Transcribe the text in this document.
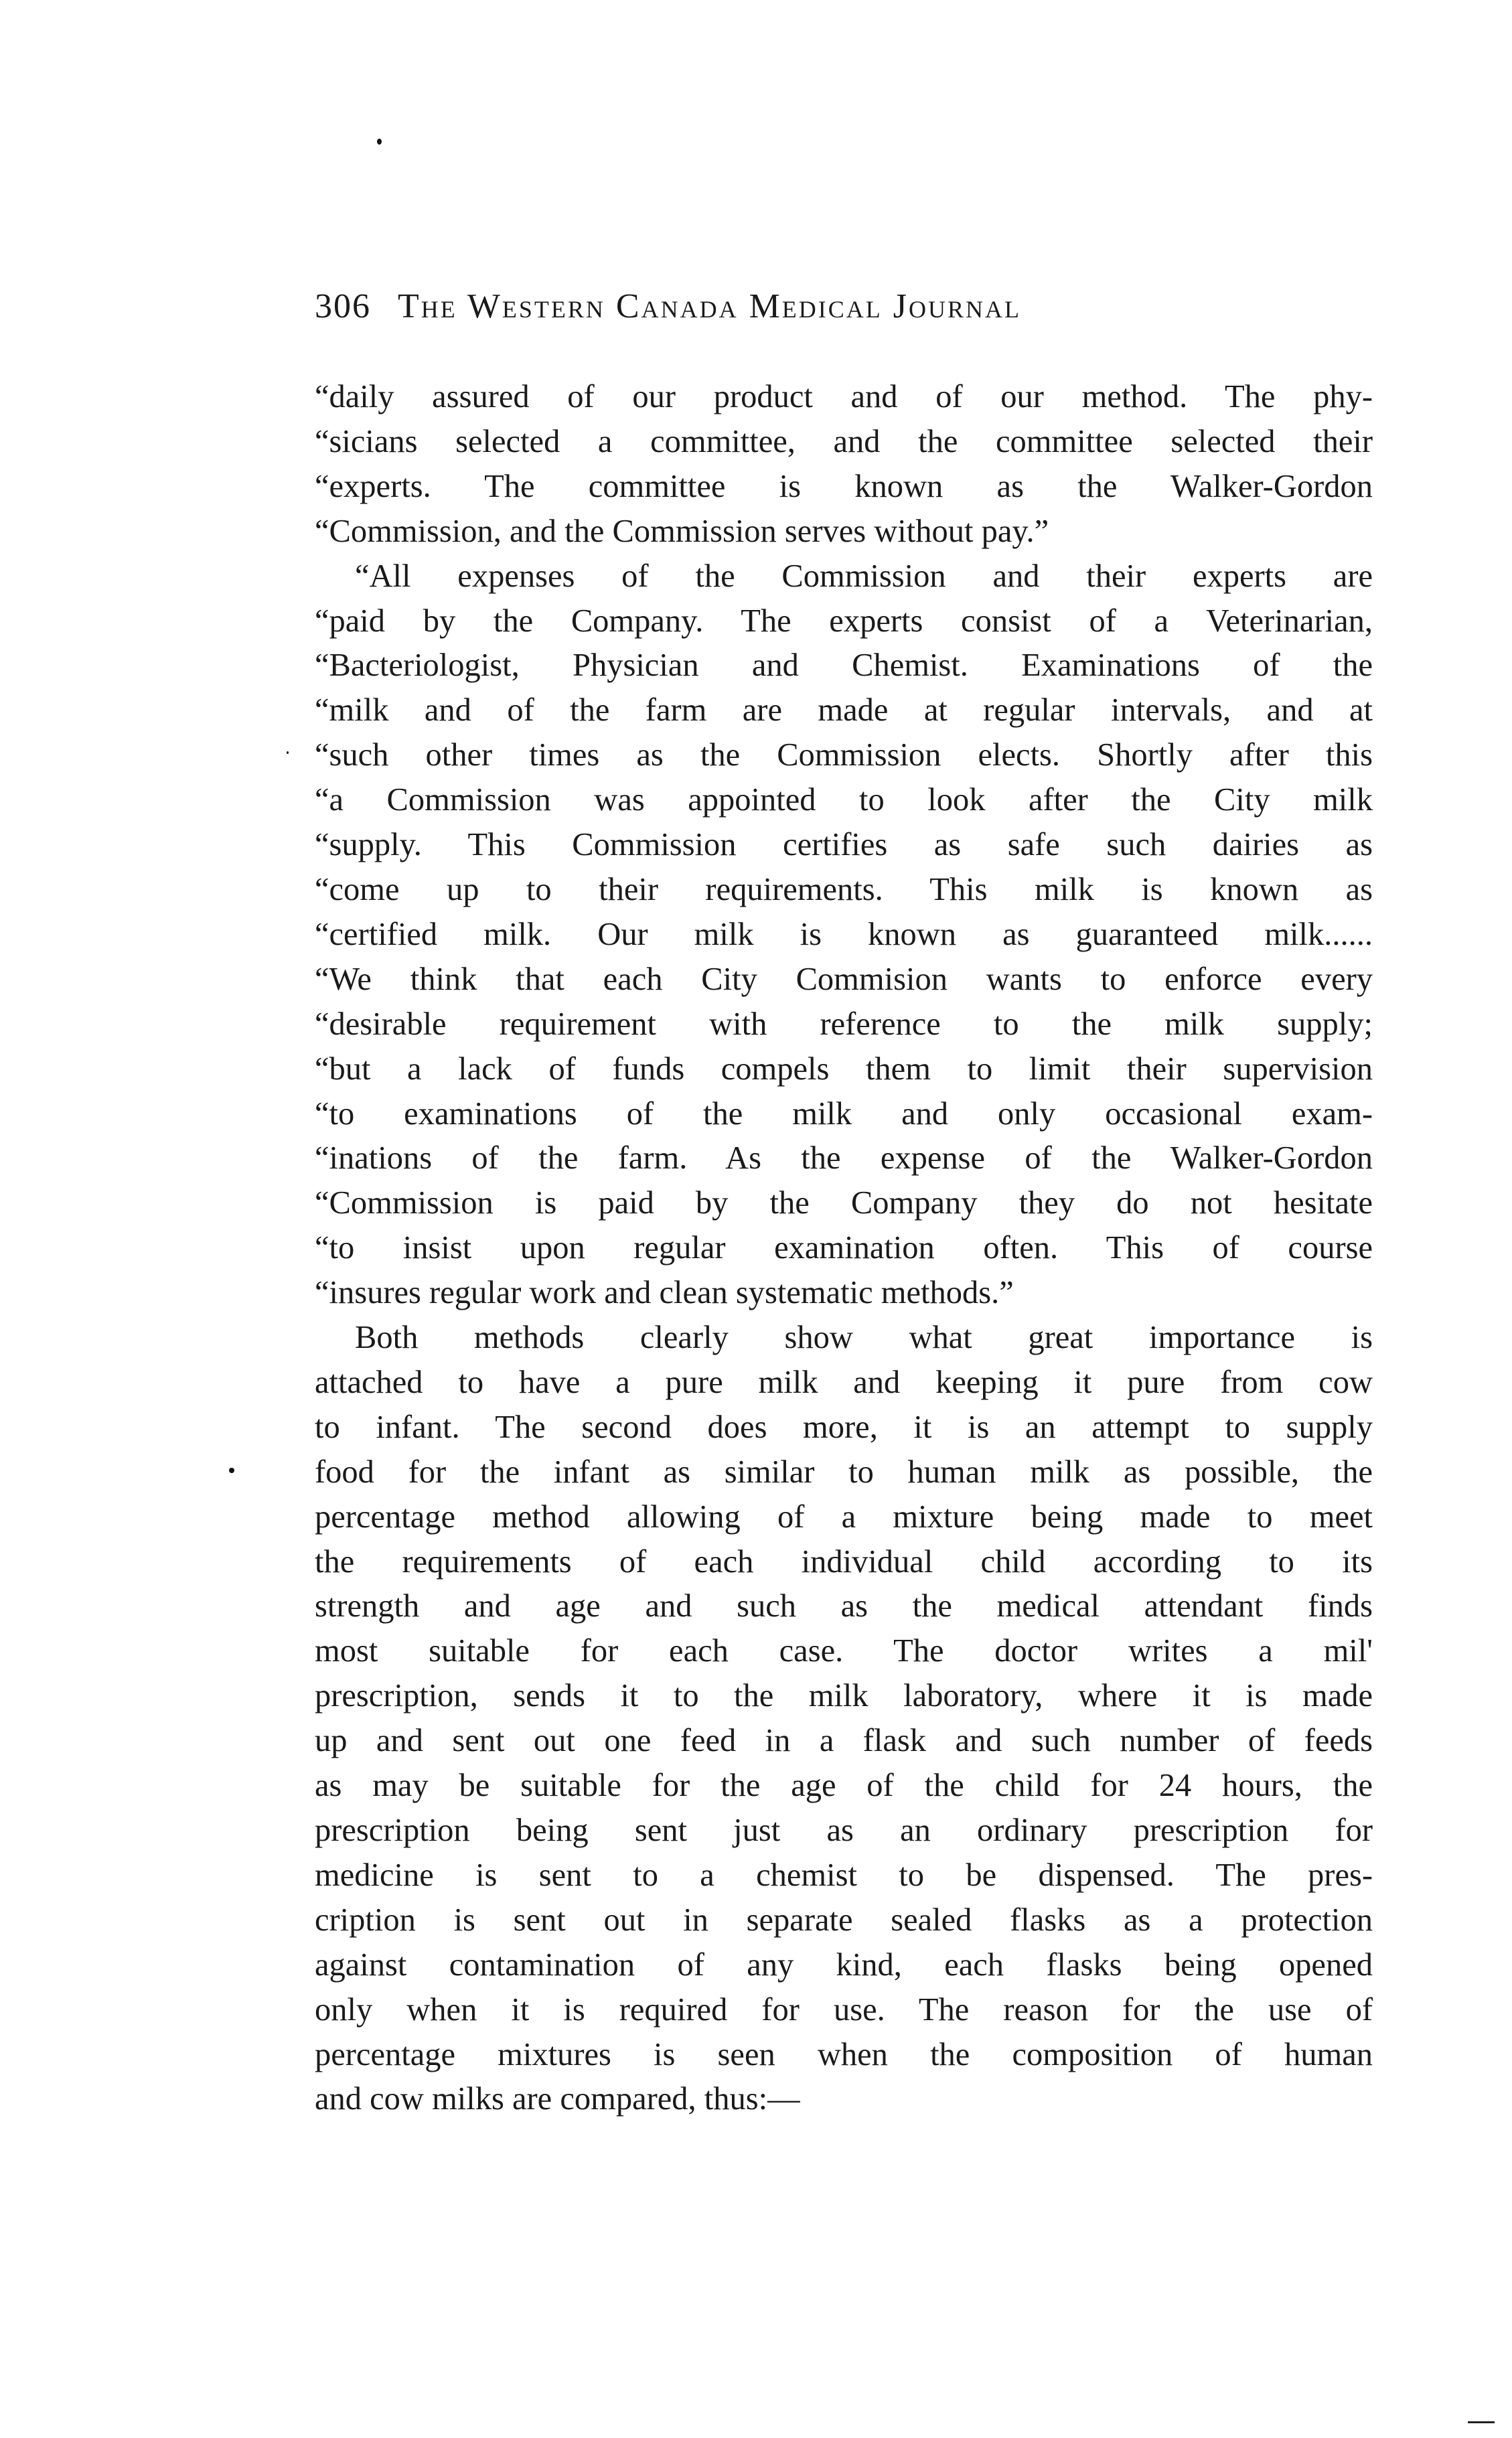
306 The Western Canada Medical Journal
“daily assured of our product and of our method. The phy-
“sicians selected a committee, and the committee selected their
“experts. The committee is known as the Walker-Gordon
“Commission, and the Commission serves without pay.”
“All expenses of the Commission and their experts are
“paid by the Company. The experts consist of a Veterinarian,
“Bacteriologist, Physician and Chemist. Examinations of the
“milk and of the farm are made at regular intervals, and at
“such other times as the Commission elects. Shortly after this
“a Commission was appointed to look after the City milk
“supply. This Commission certifies as safe such dairies as
“come up to their requirements. This milk is known as
“certified milk. Our milk is known as guaranteed milk......
“We think that each City Commision wants to enforce every
“desirable requirement with reference to the milk supply;
“but a lack of funds compels them to limit their supervision
“to examinations of the milk and only occasional exam-
“inations of the farm. As the expense of the Walker-Gordon
“Commission is paid by the Company they do not hesitate
“to insist upon regular examination often. This of course
“insures regular work and clean systematic methods.”
Both methods clearly show what great importance is
attached to have a pure milk and keeping it pure from cow
to infant. The second does more, it is an attempt to supply
food for the infant as similar to human milk as possible, the
percentage method allowing of a mixture being made to meet
the requirements of each individual child according to its
strength and age and such as the medical attendant finds
most suitable for each case. The doctor writes a mil'
prescription, sends it to the milk laboratory, where it is made
up and sent out one feed in a flask and such number of feeds
as may be suitable for the age of the child for 24 hours, the
prescription being sent just as an ordinary prescription for
medicine is sent to a chemist to be dispensed. The pres-
cription is sent out in separate sealed flasks as a protection
against contamination of any kind, each flasks being opened
only when it is required for use. The reason for the use of
percentage mixtures is seen when the composition of human
and cow milks are compared, thus:—
